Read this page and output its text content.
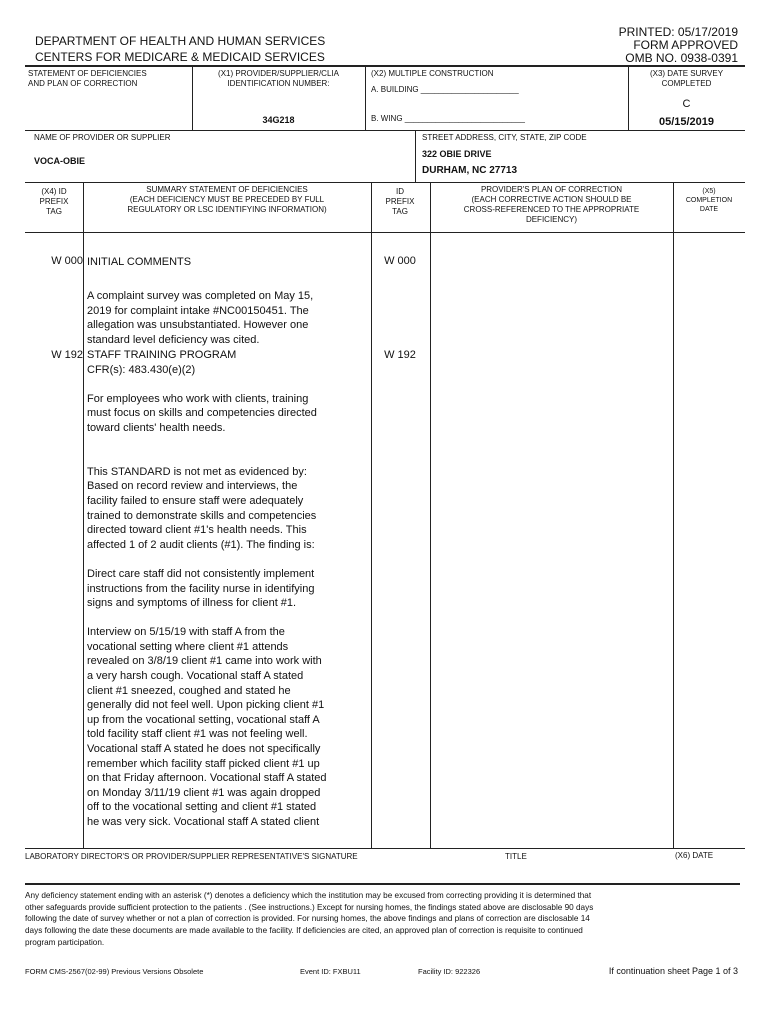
DEPARTMENT OF HEALTH AND HUMAN SERVICES
CENTERS FOR MEDICARE & MEDICAID SERVICES
PRINTED: 05/17/2019
FORM APPROVED
OMB NO. 0938-0391
STATEMENT OF DEFICIENCIES
AND PLAN OF CORRECTION
(X1) PROVIDER/SUPPLIER/CLIA
IDENTIFICATION NUMBER:
34G218
(X2) MULTIPLE CONSTRUCTION
A. BUILDING ______________________
B. WING ___________________________
(X3) DATE SURVEY
COMPLETED
C
05/15/2019
NAME OF PROVIDER OR SUPPLIER
VOCA-OBIE
STREET ADDRESS, CITY, STATE, ZIP CODE
322 OBIE DRIVE
DURHAM, NC 27713
(X4) ID
PREFIX
TAG
SUMMARY STATEMENT OF DEFICIENCIES
(EACH DEFICIENCY MUST BE PRECEDED BY FULL
REGULATORY OR LSC IDENTIFYING INFORMATION)
ID
PREFIX
TAG
PROVIDER'S PLAN OF CORRECTION
(EACH CORRECTIVE ACTION SHOULD BE
CROSS-REFERENCED TO THE APPROPRIATE
DEFICIENCY)
(X5)
COMPLETION
DATE
W 000 INITIAL COMMENTS	W 000
A complaint survey was completed on May 15,
2019 for complaint intake #NC00150451. The
allegation was unsubstantiated. However one
standard level deficiency was cited.
W 192	W 192
STAFF TRAINING PROGRAM
CFR(s): 483.430(e)(2)
For employees who work with clients, training
must focus on skills and competencies directed
toward clients' health needs.
This STANDARD is not met as evidenced by:
Based on record review and interviews, the
facility failed to ensure staff were adequately
trained to demonstrate skills and competencies
directed toward client #1's health needs. This
affected 1 of 2 audit clients (#1). The finding is:
Direct care staff did not consistently implement
instructions from the facility nurse in identifying
signs and symptoms of illness for client #1.
Interview on 5/15/19 with staff A from the
vocational setting where client #1 attends
revealed on 3/8/19 client #1 came into work with
a very harsh cough. Vocational staff A stated
client #1 sneezed, coughed and stated he
generally did not feel well. Upon picking client #1
up from the vocational setting, vocational staff A
told facility staff client #1 was not feeling well.
Vocational staff A stated he does not specifically
remember which facility staff picked client #1 up
on that Friday afternoon. Vocational staff A stated
on Monday 3/11/19 client #1 was again dropped
off to the vocational setting and client #1 stated
he was very sick. Vocational staff A stated client
LABORATORY DIRECTOR'S OR PROVIDER/SUPPLIER REPRESENTATIVE'S SIGNATURE	TITLE	(X6) DATE
Any deficiency statement ending with an asterisk (*) denotes a deficiency which the institution may be excused from correcting providing it is determined that
other safeguards provide sufficient protection to the patients . (See instructions.) Except for nursing homes, the findings stated above are disclosable 90 days
following the date of survey whether or not a plan of correction is provided. For nursing homes, the above findings and plans of correction are disclosable 14
days following the date these documents are made available to the facility. If deficiencies are cited, an approved plan of correction is requisite to continued
program participation.
FORM CMS-2567(02-99) Previous Versions Obsolete	Event ID: FXBU11	Facility ID: 922326	If continuation sheet Page 1 of 3
